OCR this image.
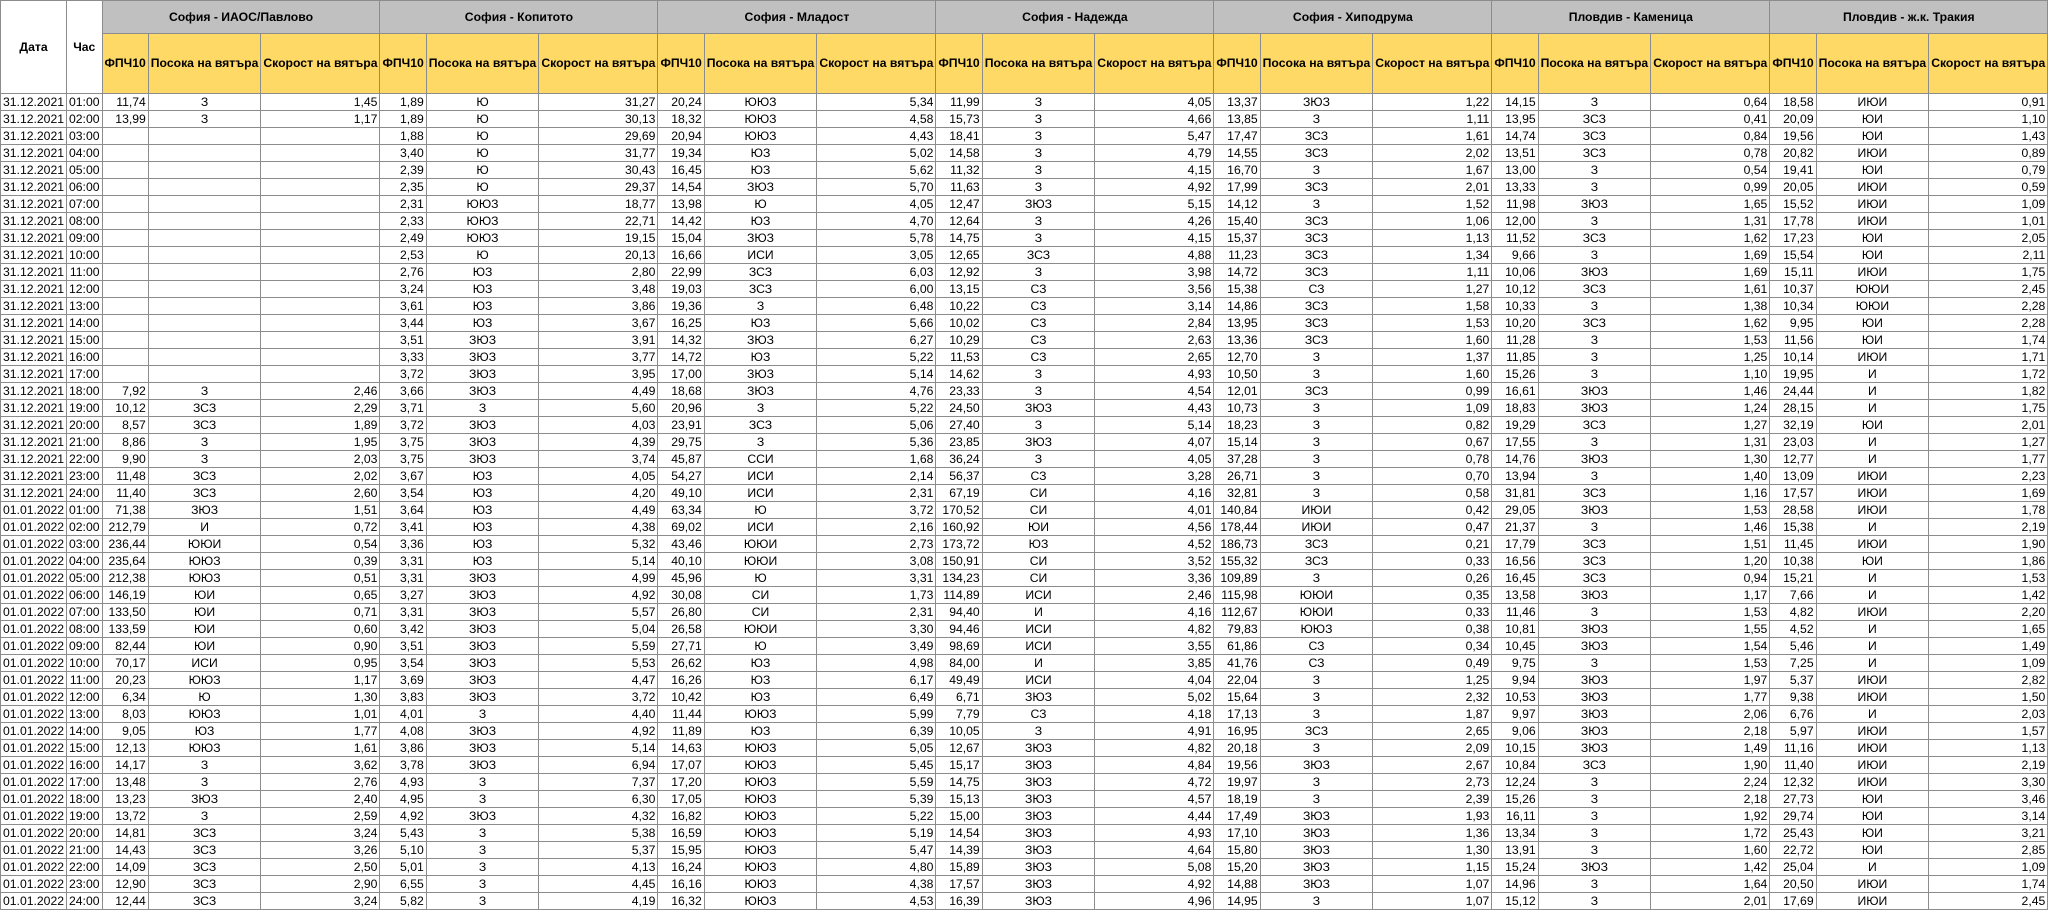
Дата	Час	София - ИАОС/Павлово			София - Копитото			София - Младост			София - Надежда			София - Хиподрума			Пловдив - Каменица			Пловдив - ж.к. Тракия		
		ФПЧ10	Посока на вятъра	Скорост на вятъра	ФПЧ10	Посока на вятъра	Скорост на вятъра	ФПЧ10	Посока на вятъра	Скорост на вятъра	ФПЧ10	Посока на вятъра	Скорост на вятъра	ФПЧ10	Посока на вятъра	Скорост на вятъра	ФПЧ10	Посока на вятъра	Скорост на вятъра	ФПЧ10	Посока на вятъра	Скорост на вятъра
31.12.2021	01:00	11,74	З	1,45	1,89	Ю	31,27	20,24	ЮЮЗ	5,34	11,99	З	4,05	13,37	ЗЮЗ	1,22	14,15	З	0,64	18,58	ИЮИ	0,91
31.12.2021	02:00	13,99	З	1,17	1,89	Ю	30,13	18,32	ЮЮЗ	4,58	15,73	З	4,66	13,85	З	1,11	13,95	ЗСЗ	0,41	20,09	ЮИ	1,10
31.12.2021	03:00				1,88	Ю	29,69	20,94	ЮЮЗ	4,43	18,41	З	5,47	17,47	ЗСЗ	1,61	14,74	ЗСЗ	0,84	19,56	ЮИ	1,43
31.12.2021	04:00				3,40	Ю	31,77	19,34	ЮЗ	5,02	14,58	З	4,79	14,55	ЗСЗ	2,02	13,51	ЗСЗ	0,78	20,82	ИЮИ	0,89
31.12.2021	05:00				2,39	Ю	30,43	16,45	ЮЗ	5,62	11,32	З	4,15	16,70	З	1,67	13,00	З	0,54	19,41	ЮИ	0,79
31.12.2021	06:00				2,35	Ю	29,37	14,54	ЗЮЗ	5,70	11,63	З	4,92	17,99	ЗСЗ	2,01	13,33	З	0,99	20,05	ИЮИ	0,59
31.12.2021	07:00				2,31	ЮЮЗ	18,77	13,98	Ю	4,05	12,47	ЗЮЗ	5,15	14,12	З	1,52	11,98	ЗЮЗ	1,65	15,52	ИЮИ	1,09
31.12.2021	08:00				2,33	ЮЮЗ	22,71	14,42	ЮЗ	4,70	12,64	З	4,26	15,40	ЗСЗ	1,06	12,00	З	1,31	17,78	ИЮИ	1,01
31.12.2021	09:00				2,49	ЮЮЗ	19,15	15,04	ЗЮЗ	5,78	14,75	З	4,15	15,37	ЗСЗ	1,13	11,52	ЗСЗ	1,62	17,23	ЮИ	2,05
31.12.2021	10:00				2,53	Ю	20,13	16,66	ИСИ	3,05	12,65	ЗСЗ	4,88	11,23	ЗСЗ	1,34	9,66	З	1,69	15,54	ЮИ	2,11
31.12.2021	11:00				2,76	ЮЗ	2,80	22,99	ЗСЗ	6,03	12,92	З	3,98	14,72	ЗСЗ	1,11	10,06	ЗЮЗ	1,69	15,11	ИЮИ	1,75
31.12.2021	12:00				3,24	ЮЗ	3,48	19,03	ЗСЗ	6,00	13,15	СЗ	3,56	15,38	СЗ	1,27	10,12	ЗСЗ	1,61	10,37	ЮЮИ	2,45
31.12.2021	13:00				3,61	ЮЗ	3,86	19,36	З	6,48	10,22	СЗ	3,14	14,86	ЗСЗ	1,58	10,33	З	1,38	10,34	ЮЮИ	2,28
31.12.2021	14:00				3,44	ЮЗ	3,67	16,25	ЮЗ	5,66	10,02	СЗ	2,84	13,95	ЗСЗ	1,53	10,20	ЗСЗ	1,62	9,95	ЮИ	2,28
31.12.2021	15:00				3,51	ЗЮЗ	3,91	14,32	ЗЮЗ	6,27	10,29	СЗ	2,63	13,36	ЗСЗ	1,60	11,28	З	1,53	11,56	ЮИ	1,74
31.12.2021	16:00				3,33	ЗЮЗ	3,77	14,72	ЮЗ	5,22	11,53	СЗ	2,65	12,70	З	1,37	11,85	З	1,25	10,14	ИЮИ	1,71
31.12.2021	17:00				3,72	ЗЮЗ	3,95	17,00	ЗЮЗ	5,14	14,62	З	4,93	10,50	З	1,60	15,26	З	1,10	19,95	И	1,72
31.12.2021	18:00	7,92	З	2,46	3,66	ЗЮЗ	4,49	18,68	ЗЮЗ	4,76	23,33	З	4,54	12,01	ЗСЗ	0,99	16,61	ЗЮЗ	1,46	24,44	И	1,82
31.12.2021	19:00	10,12	ЗСЗ	2,29	3,71	З	5,60	20,96	З	5,22	24,50	ЗЮЗ	4,43	10,73	З	1,09	18,83	ЗЮЗ	1,24	28,15	И	1,75
31.12.2021	20:00	8,57	ЗСЗ	1,89	3,72	ЗЮЗ	4,03	23,91	ЗСЗ	5,06	27,40	З	5,14	18,23	З	0,82	19,29	ЗСЗ	1,27	32,19	ЮИ	2,01
31.12.2021	21:00	8,86	З	1,95	3,75	ЗЮЗ	4,39	29,75	З	5,36	23,85	ЗЮЗ	4,07	15,14	З	0,67	17,55	З	1,31	23,03	И	1,27
31.12.2021	22:00	9,90	З	2,03	3,75	ЗЮЗ	3,74	45,87	ССИ	1,68	36,24	З	4,05	37,28	З	0,78	14,76	ЗЮЗ	1,30	12,77	И	1,77
31.12.2021	23:00	11,48	ЗСЗ	2,02	3,67	ЮЗ	4,05	54,27	ИСИ	2,14	56,37	СЗ	3,28	26,71	З	0,70	13,94	З	1,40	13,09	ИЮИ	2,23
31.12.2021	24:00	11,40	ЗСЗ	2,60	3,54	ЮЗ	4,20	49,10	ИСИ	2,31	67,19	СИ	4,16	32,81	З	0,58	31,81	ЗСЗ	1,16	17,57	ИЮИ	1,69
01.01.2022	01:00	71,38	ЗЮЗ	1,51	3,64	ЮЗ	4,49	63,34	Ю	3,72	170,52	СИ	4,01	140,84	ИЮИ	0,42	29,05	ЗЮЗ	1,53	28,58	ИЮИ	1,78
01.01.2022	02:00	212,79	И	0,72	3,41	ЮЗ	4,38	69,02	ИСИ	2,16	160,92	ЮИ	4,56	178,44	ИЮИ	0,47	21,37	З	1,46	15,38	И	2,19
01.01.2022	03:00	236,44	ЮЮИ	0,54	3,36	ЮЗ	5,32	43,46	ЮЮИ	2,73	173,72	ЮЗ	4,52	186,73	ЗСЗ	0,21	17,79	ЗСЗ	1,51	11,45	ИЮИ	1,90
01.01.2022	04:00	235,64	ЮЮЗ	0,39	3,31	ЮЗ	5,14	40,10	ЮЮИ	3,08	150,91	СИ	3,52	155,32	ЗСЗ	0,33	16,56	ЗСЗ	1,20	10,38	ЮИ	1,86
01.01.2022	05:00	212,38	ЮЮЗ	0,51	3,31	ЗЮЗ	4,99	45,96	Ю	3,31	134,23	СИ	3,36	109,89	З	0,26	16,45	ЗСЗ	0,94	15,21	И	1,53
01.01.2022	06:00	146,19	ЮИ	0,65	3,27	ЗЮЗ	4,92	30,08	СИ	1,73	114,89	ИСИ	2,46	115,98	ЮЮИ	0,35	13,58	ЗЮЗ	1,17	7,66	И	1,42
01.01.2022	07:00	133,50	ЮИ	0,71	3,31	ЗЮЗ	5,57	26,80	СИ	2,31	94,40	И	4,16	112,67	ЮЮИ	0,33	11,46	З	1,53	4,82	ИЮИ	2,20
01.01.2022	08:00	133,59	ЮИ	0,60	3,42	ЗЮЗ	5,04	26,58	ЮЮИ	3,30	94,46	ИСИ	4,82	79,83	ЮЮЗ	0,38	10,81	ЗЮЗ	1,55	4,52	И	1,65
01.01.2022	09:00	82,44	ЮИ	0,90	3,51	ЗЮЗ	5,59	27,71	Ю	3,49	98,69	ИСИ	3,55	61,86	СЗ	0,34	10,45	ЗЮЗ	1,54	5,46	И	1,49
01.01.2022	10:00	70,17	ИСИ	0,95	3,54	ЗЮЗ	5,53	26,62	ЮЗ	4,98	84,00	И	3,85	41,76	СЗ	0,49	9,75	З	1,53	7,25	И	1,09
01.01.2022	11:00	20,23	ЮЮЗ	1,17	3,69	ЗЮЗ	4,47	16,26	ЮЗ	6,17	49,49	ИСИ	4,04	22,04	З	1,25	9,94	ЗЮЗ	1,97	5,37	ИЮИ	2,82
01.01.2022	12:00	6,34	Ю	1,30	3,83	ЗЮЗ	3,72	10,42	ЮЗ	6,49	6,71	ЗЮЗ	5,02	15,64	З	2,32	10,53	ЗЮЗ	1,77	9,38	ИЮИ	1,50
01.01.2022	13:00	8,03	ЮЮЗ	1,01	4,01	З	4,40	11,44	ЮЮЗ	5,99	7,79	СЗ	4,18	17,13	З	1,87	9,97	ЗЮЗ	2,06	6,76	И	2,03
01.01.2022	14:00	9,05	ЮЗ	1,77	4,08	ЗЮЗ	4,92	11,89	ЮЗ	6,39	10,05	З	4,91	16,95	ЗСЗ	2,65	9,06	ЗЮЗ	2,18	5,97	ИЮИ	1,57
01.01.2022	15:00	12,13	ЮЮЗ	1,61	3,86	ЗЮЗ	5,14	14,63	ЮЮЗ	5,05	12,67	ЗЮЗ	4,82	20,18	З	2,09	10,15	ЗЮЗ	1,49	11,16	ИЮИ	1,13
01.01.2022	16:00	14,17	З	3,62	3,78	ЗЮЗ	6,94	17,07	ЮЮЗ	5,45	15,17	ЗЮЗ	4,84	19,56	ЗЮЗ	2,67	10,84	ЗСЗ	1,90	11,40	ИЮИ	2,19
01.01.2022	17:00	13,48	З	2,76	4,93	З	7,37	17,20	ЮЮЗ	5,59	14,75	ЗЮЗ	4,72	19,97	З	2,73	12,24	З	2,24	12,32	ИЮИ	3,30
01.01.2022	18:00	13,23	ЗЮЗ	2,40	4,95	З	6,30	17,05	ЮЮЗ	5,39	15,13	ЗЮЗ	4,57	18,19	З	2,39	15,26	З	2,18	27,73	ЮИ	3,46
01.01.2022	19:00	13,72	З	2,59	4,92	ЗЮЗ	4,32	16,82	ЮЮЗ	5,22	15,00	ЗЮЗ	4,44	17,49	ЗЮЗ	1,93	16,11	З	1,92	29,74	ЮИ	3,14
01.01.2022	20:00	14,81	ЗСЗ	3,24	5,43	З	5,38	16,59	ЮЮЗ	5,19	14,54	ЗЮЗ	4,93	17,10	ЗЮЗ	1,36	13,34	З	1,72	25,43	ЮИ	3,21
01.01.2022	21:00	14,43	ЗСЗ	3,26	5,10	З	5,37	15,95	ЮЮЗ	5,47	14,39	ЗЮЗ	4,64	15,80	ЗЮЗ	1,30	13,91	З	1,60	22,72	ЮИ	2,85
01.01.2022	22:00	14,09	ЗСЗ	2,50	5,01	З	4,13	16,24	ЮЮЗ	4,80	15,89	ЗЮЗ	5,08	15,20	ЗЮЗ	1,15	15,24	ЗЮЗ	1,42	25,04	И	1,09
01.01.2022	23:00	12,90	ЗСЗ	2,90	6,55	З	4,45	16,16	ЮЮЗ	4,38	17,57	ЗЮЗ	4,92	14,88	ЗЮЗ	1,07	14,96	З	1,64	20,50	ИЮИ	1,74
01.01.2022	24:00	12,44	ЗСЗ	3,24	5,82	З	4,19	16,32	ЮЮЗ	4,53	16,39	ЗЮЗ	4,96	14,95	З	1,07	15,12	З	2,01	17,69	ИЮИ	2,45
